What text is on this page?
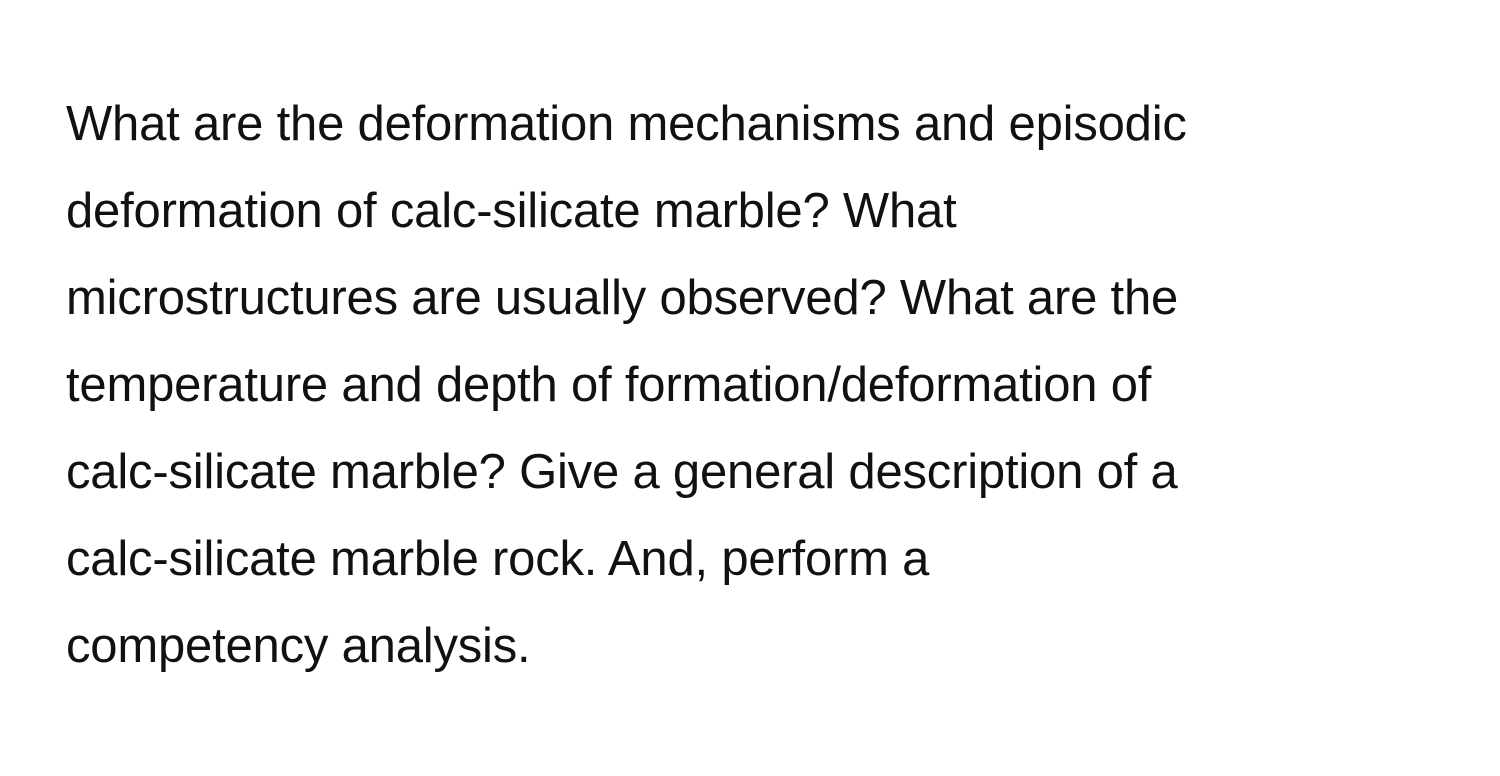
What are the deformation mechanisms and episodic
deformation of calc-silicate marble? What
microstructures are usually observed? What are the
temperature and depth of formation/deformation of
calc-silicate marble? Give a general description of a
calc-silicate marble rock. And, perform a
competency analysis.
